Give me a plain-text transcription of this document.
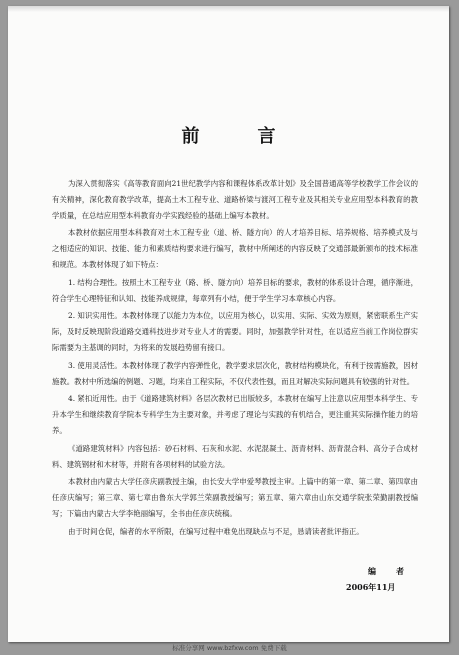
前　言

为深入贯彻落实《高等教育面向21世纪教学内容和课程体系改革计划》及全国普通高等学校教学工作会议的有关精神，深化教育教学改革，提高土木工程专业、道路桥梁与渡河工程专业及其相关专业应用型本科教育的教学质量，在总结应用型本科教育办学实践经验的基础上编写本教材。

本教材依据应用型本科教育对土木工程专业（道、桥、隧方向）的人才培养目标、培养规格、培养模式及与之相适应的知识、技能、能力和素质结构要求进行编写，教材中所阐述的内容反映了交通部最新颁布的技术标准和规范。本教材体现了如下特点：

1. 结构合理性。按照土木工程专业（路、桥、隧方向）培养目标的要求，教材的体系设计合理，循序渐进，符合学生心理特征和认知、技能养成规律，每章列有小结，便于学生学习本章核心内容。

2. 知识实用性。本教材体现了以能力为本位，以应用为核心，以实用、实际、实效为原则，紧密联系生产实际，及时反映现阶段道路交通科技进步对专业人才的需要。同时，加强教学针对性，在以适应当前工作岗位群实际需要为主基调的同时，为将来的发展趋势留有接口。

3. 使用灵活性。本教材体现了教学内容弹性化，教学要求层次化，教材结构模块化，有利于按需施教，因材施教。教材中所选编的例题、习题，均来自工程实际，不仅代表性强，而且对解决实际问题具有较强的针对性。

4. 紧扣近用性。由于《道路建筑材料》各层次教材已出版较多，本教材在编写上注意以应用型本科学生、专升本学生和继续教育学院本专科学生为主要对象，并考虑了理论与实践的有机结合，更注重其实际操作能力的培养。

《道路建筑材料》内容包括：砂石材料、石灰和水泥、水泥混凝土、沥青材料、沥青混合料、高分子合成材料、建筑钢材和木材等，并附有各项材料的试验方法。

本教材由内蒙古大学任彦庆副教授主编，由长安大学申爱琴教授主审。上篇中的第一章、第二章、第四章由任彦庆编写；第三章、第七章由鲁东大学郭兰荣副教授编写；第五章、第六章由山东交通学院张荣勤副教授编写；下篇由内蒙古大学李艳丽编写，全书由任彦庆统稿。

由于时间仓促，编者的水平所限，在编写过程中难免出现缺点与不足，恳请读者批评指正。

编　者
2006年11月
标准分享网 www.bzfxw.com 免费下载
